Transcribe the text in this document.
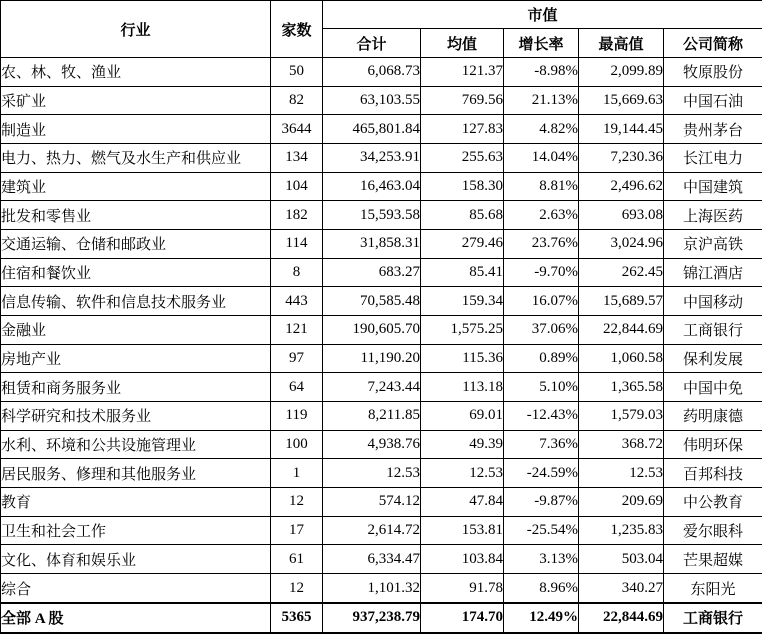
行业	家数	市值				
		合计	均值	增长率	最高值	公司简称
农、林、牧、渔业	50	6,068.73	121.37	-8.98%	2,099.89	牧原股份
采矿业	82	63,103.55	769.56	21.13%	15,669.63	中国石油
制造业	3644	465,801.84	127.83	4.82%	19,144.45	贵州茅台
电力、热力、燃气及水生产和供应业	134	34,253.91	255.63	14.04%	7,230.36	长江电力
建筑业	104	16,463.04	158.30	8.81%	2,496.62	中国建筑
批发和零售业	182	15,593.58	85.68	2.63%	693.08	上海医药
交通运输、仓储和邮政业	114	31,858.31	279.46	23.76%	3,024.96	京沪高铁
住宿和餐饮业	8	683.27	85.41	-9.70%	262.45	锦江酒店
信息传输、软件和信息技术服务业	443	70,585.48	159.34	16.07%	15,689.57	中国移动
金融业	121	190,605.70	1,575.25	37.06%	22,844.69	工商银行
房地产业	97	11,190.20	115.36	0.89%	1,060.58	保利发展
租赁和商务服务业	64	7,243.44	113.18	5.10%	1,365.58	中国中免
科学研究和技术服务业	119	8,211.85	69.01	-12.43%	1,579.03	药明康德
水利、环境和公共设施管理业	100	4,938.76	49.39	7.36%	368.72	伟明环保
居民服务、修理和其他服务业	1	12.53	12.53	-24.59%	12.53	百邦科技
教育	12	574.12	47.84	-9.87%	209.69	中公教育
卫生和社会工作	17	2,614.72	153.81	-25.54%	1,235.83	爱尔眼科
文化、体育和娱乐业	61	6,334.47	103.84	3.13%	503.04	芒果超媒
综合	12	1,101.32	91.78	8.96%	340.27	东阳光
全部 A 股	5365	937,238.79	174.70	12.49%	22,844.69	工商银行
